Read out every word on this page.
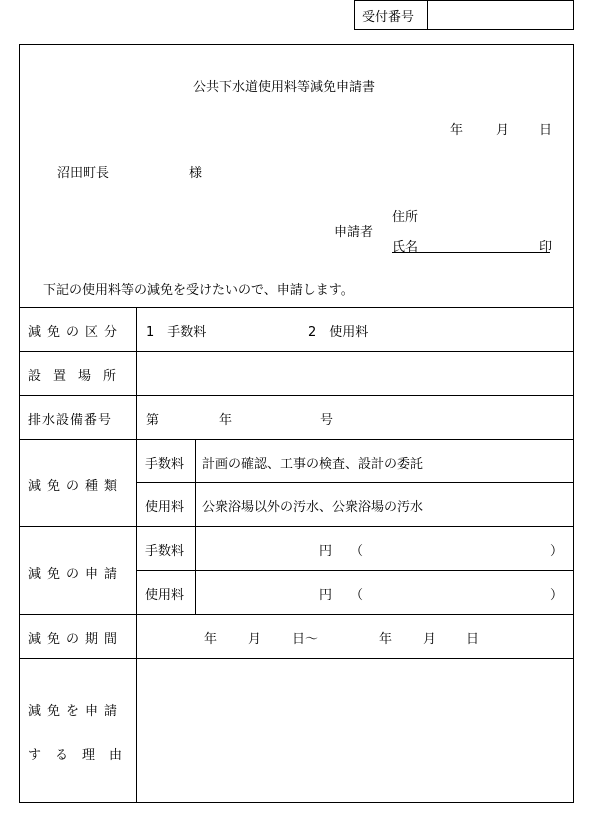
受付番号
公共下水道使用料等減免申請書
年	月 日
沼田町長	様
住所
申請者
氏名	印
下記の使用料等の減免を受けたいので、申請します。
減免の区分 1　手数料	2　使用料
設置場所
排水設備番号	第	年	号
減免の種類
手数料 計画の確認、工事の検査、設計の委託
使用料 公衆浴場以外の汚水、公衆浴場の汚水
減免の申請
手数料	円 （	）
使用料	円 （	）
減免の期間	年 月 日～	年 月 日
減免を申請
する理由
